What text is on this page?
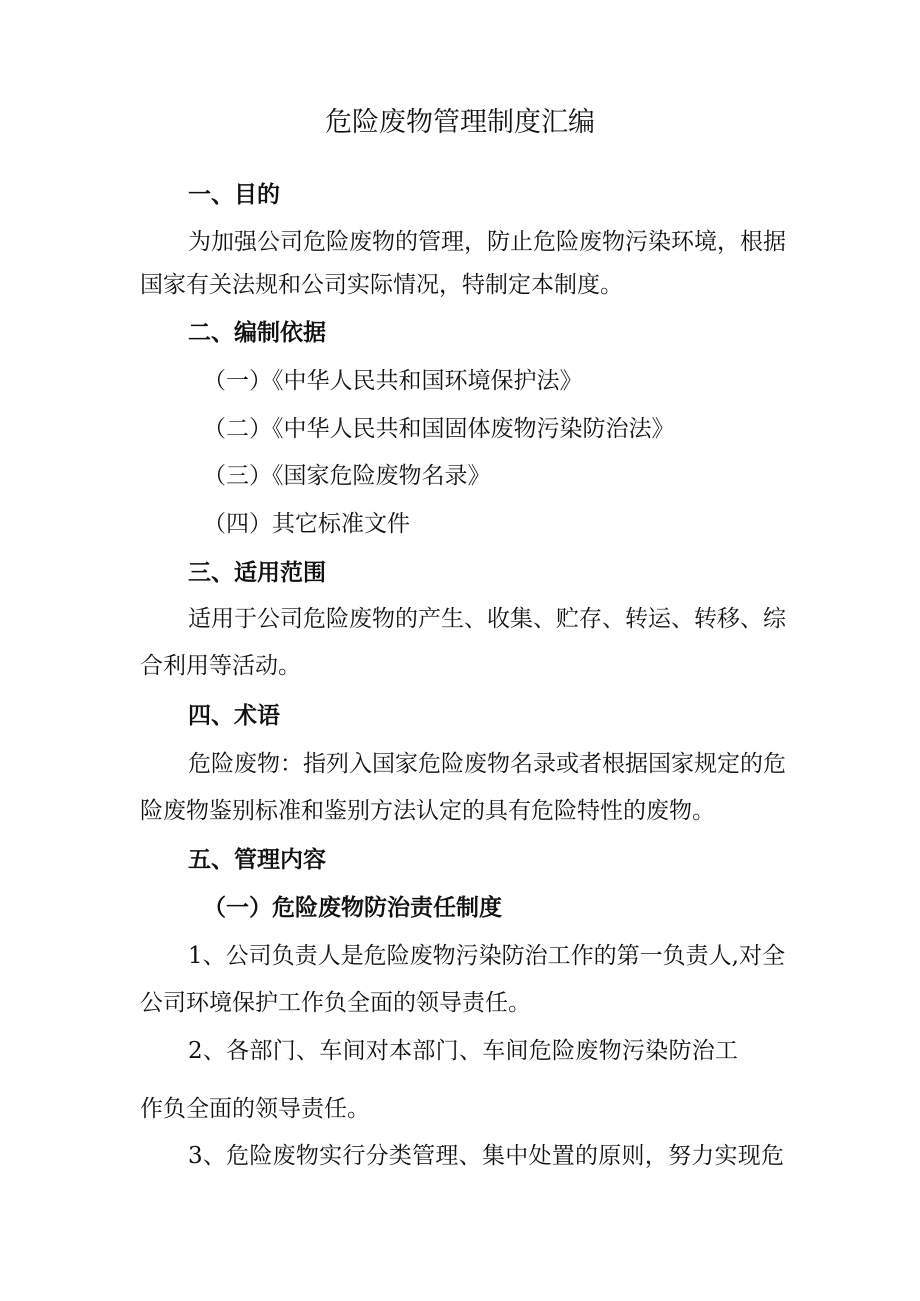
危险废物管理制度汇编
一、目的
为加强公司危险废物的管理，防止危险废物污染环境，根据
国家有关法规和公司实际情况，特制定本制度。
二、编制依据
（一）《中华人民共和国环境保护法》
（二）《中华人民共和国固体废物污染防治法》
（三）《国家危险废物名录》
（四）其它标准文件
三、适用范围
适用于公司危险废物的产生、收集、贮存、转运、转移、综
合利用等活动。
四、术语
危险废物：指列入国家危险废物名录或者根据国家规定的危
险废物鉴别标准和鉴别方法认定的具有危险特性的废物。
五、管理内容
（一）危险废物防治责任制度
1、公司负责人是危险废物污染防治工作的第一负责人,对全
公司环境保护工作负全面的领导责任。
2、各部门、车间对本部门、车间危险废物污染防治工
作负全面的领导责任。
3、危险废物实行分类管理、集中处置的原则，努力实现危
